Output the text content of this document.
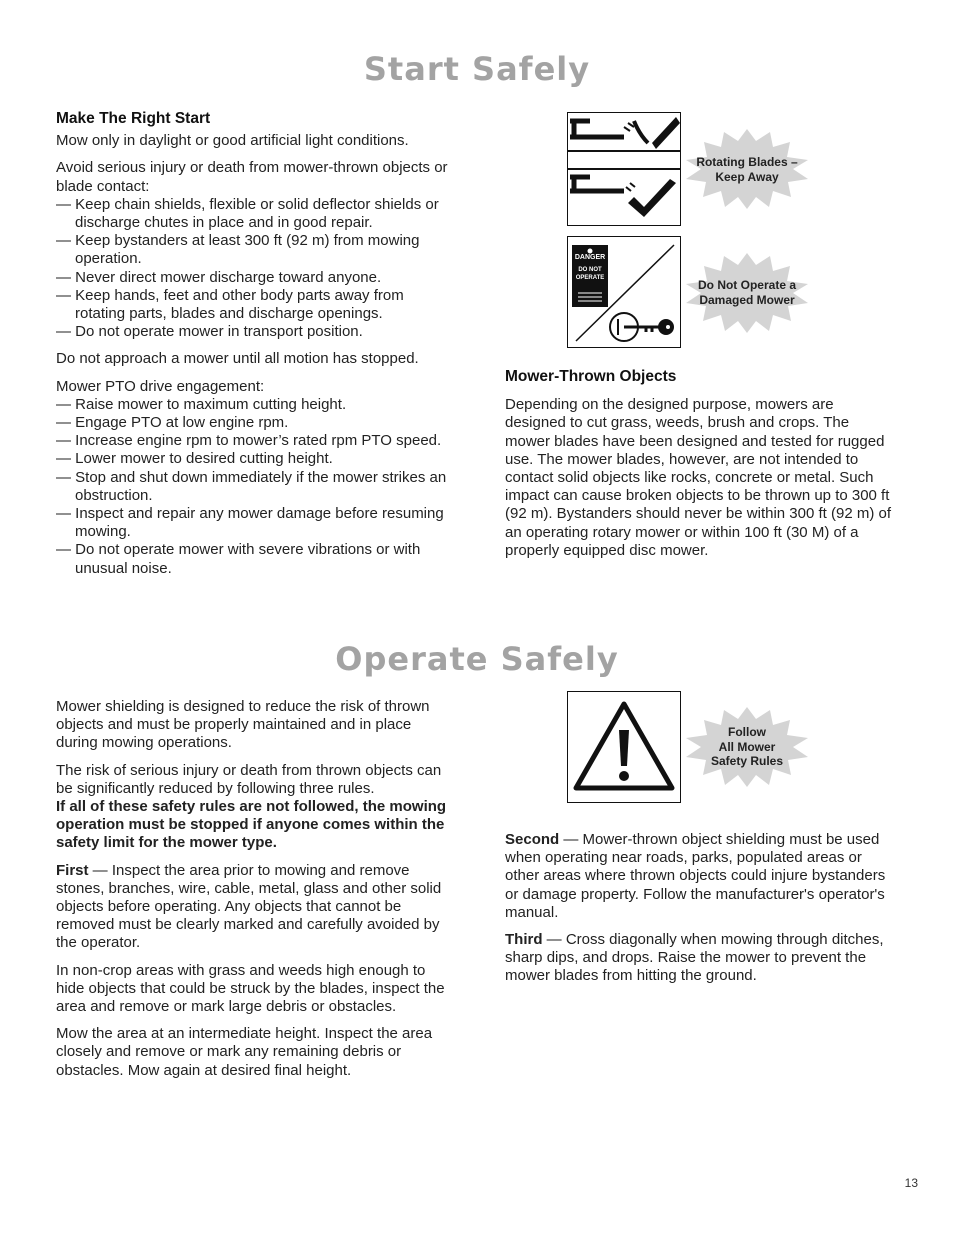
Start Safely
Make The Right Start

Mow only in daylight or good artificial light conditions.

Avoid serious injury or death from mower-thrown objects or blade contact:

— Keep chain shields, flexible or solid deflector shields or discharge chutes in place and in good repair.
— Keep bystanders at least 300 ft (92 m) from mowing operation.
— Never direct mower discharge toward anyone.
— Keep hands, feet and other body parts away from rotating parts, blades and discharge openings.
— Do not operate mower in transport position.

Do not approach a mower until all motion has stopped.

Mower PTO drive engagement:

— Raise mower to maximum cutting height.
— Engage PTO at low engine rpm.
— Increase engine rpm to mower’s rated rpm PTO speed.
— Lower mower to desired cutting height.
— Stop and shut down immediately if the mower strikes an obstruction.
— Inspect and repair any mower damage before resuming mowing.
— Do not operate mower with severe vibrations or with unusual noise.
Rotating Blades –
Keep Away
DANGER
DO NOT
OPERATE	Do Not Operate a
Damaged Mower
Mower-Thrown Objects

Depending on the designed purpose, mowers are designed to cut grass, weeds, brush and crops. The mower blades have been designed and tested for rugged use. The mower blades, however, are not intended to contact solid objects like rocks, concrete or metal. Such impact can cause broken objects to be thrown up to 300 ft (92 m). Bystanders should never be within 300 ft (92 m) of an operating rotary mower or within 100 ft (30 M) of a properly equipped disc mower.

Operate Safely

Mower shielding is designed to reduce the risk of thrown objects and must be properly maintained and in place during mowing operations.

The risk of serious injury or death from thrown objects can be significantly reduced by following three rules.

If all of these safety rules are not followed, the mowing operation must be stopped if anyone comes within the safety limit for the mower type.

First — Inspect the area prior to mowing and remove stones, branches, wire, cable, metal, glass and other solid objects before operating. Any objects that cannot be removed must be clearly marked and carefully avoided by the operator.

In non-crop areas with grass and weeds high enough to hide objects that could be struck by the blades, inspect the area and remove or mark large debris or obstacles.

Mow the area at an intermediate height. Inspect the area closely and remove or mark any remaining debris or obstacles. Mow again at desired final height.

Follow
All Mower
Safety Rules

Second — Mower-thrown object shielding must be used when operating near roads, parks, populated areas or other areas where thrown objects could injure bystanders or damage property. Follow the manufacturer's operator's manual.

Third — Cross diagonally when mowing through ditches, sharp dips, and drops. Raise the mower to prevent the mower blades from hitting the ground.

13
